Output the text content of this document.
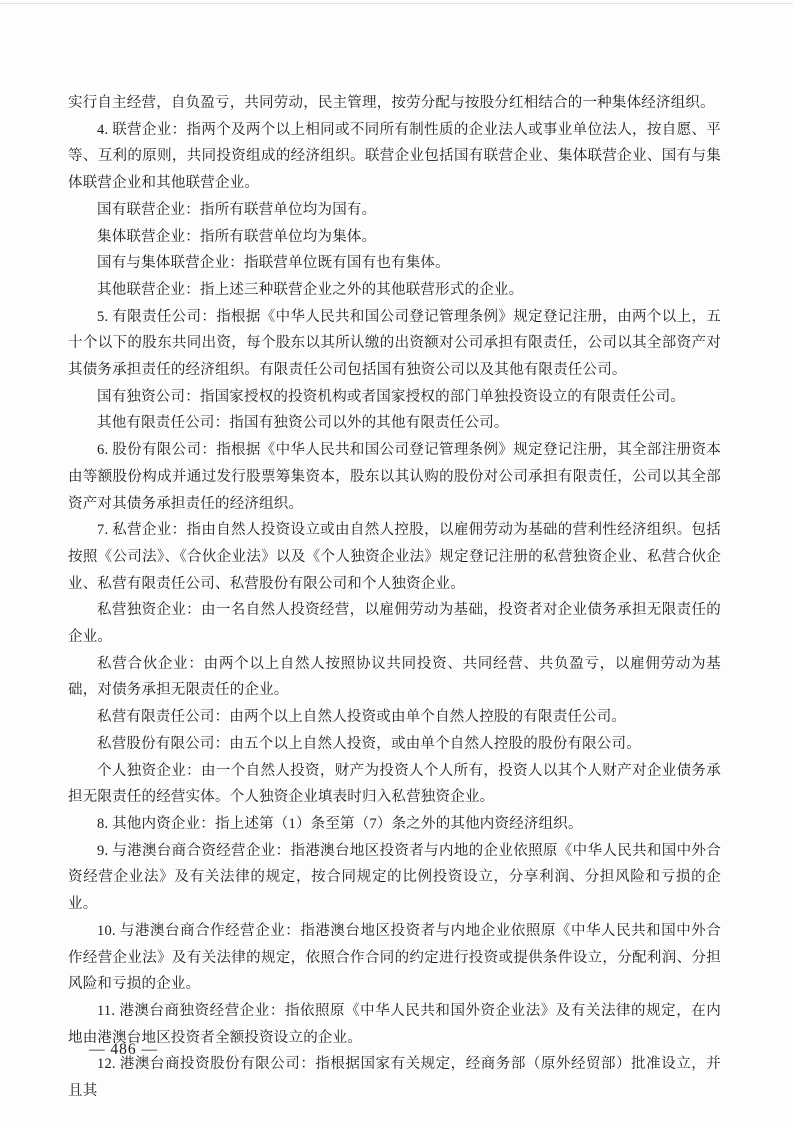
实行自主经营，自负盈亏，共同劳动，民主管理，按劳分配与按股分红相结合的一种集体经济组织。

4. 联营企业：指两个及两个以上相同或不同所有制性质的企业法人或事业单位法人，按自愿、平等、互利的原则，共同投资组成的经济组织。联营企业包括国有联营企业、集体联营企业、国有与集体联营企业和其他联营企业。

国有联营企业：指所有联营单位均为国有。

集体联营企业：指所有联营单位均为集体。

国有与集体联营企业：指联营单位既有国有也有集体。

其他联营企业：指上述三种联营企业之外的其他联营形式的企业。

5. 有限责任公司：指根据《中华人民共和国公司登记管理条例》规定登记注册，由两个以上，五十个以下的股东共同出资，每个股东以其所认缴的出资额对公司承担有限责任，公司以其全部资产对其债务承担责任的经济组织。有限责任公司包括国有独资公司以及其他有限责任公司。

国有独资公司：指国家授权的投资机构或者国家授权的部门单独投资设立的有限责任公司。

其他有限责任公司：指国有独资公司以外的其他有限责任公司。

6. 股份有限公司：指根据《中华人民共和国公司登记管理条例》规定登记注册，其全部注册资本由等额股份构成并通过发行股票筹集资本，股东以其认购的股份对公司承担有限责任，公司以其全部资产对其债务承担责任的经济组织。

7. 私营企业：指由自然人投资设立或由自然人控股，以雇佣劳动为基础的营利性经济组织。包括按照《公司法》、《合伙企业法》以及《个人独资企业法》规定登记注册的私营独资企业、私营合伙企业、私营有限责任公司、私营股份有限公司和个人独资企业。

私营独资企业：由一名自然人投资经营，以雇佣劳动为基础，投资者对企业债务承担无限责任的企业。

私营合伙企业：由两个以上自然人按照协议共同投资、共同经营、共负盈亏，以雇佣劳动为基础，对债务承担无限责任的企业。

私营有限责任公司：由两个以上自然人投资或由单个自然人控股的有限责任公司。

私营股份有限公司：由五个以上自然人投资，或由单个自然人控股的股份有限公司。

个人独资企业：由一个自然人投资，财产为投资人个人所有，投资人以其个人财产对企业债务承担无限责任的经营实体。个人独资企业填表时归入私营独资企业。

8. 其他内资企业：指上述第（1）条至第（7）条之外的其他内资经济组织。

9. 与港澳台商合资经营企业：指港澳台地区投资者与内地的企业依照原《中华人民共和国中外合资经营企业法》及有关法律的规定，按合同规定的比例投资设立，分享利润、分担风险和亏损的企业。

10. 与港澳台商合作经营企业：指港澳台地区投资者与内地企业依照原《中华人民共和国中外合作经营企业法》及有关法律的规定，依照合作合同的约定进行投资或提供条件设立，分配利润、分担风险和亏损的企业。

11. 港澳台商独资经营企业：指依照原《中华人民共和国外资企业法》及有关法律的规定，在内地由港澳台地区投资者全额投资设立的企业。

12. 港澳台商投资股份有限公司：指根据国家有关规定，经商务部（原外经贸部）批准设立，并且其

— 486 —
